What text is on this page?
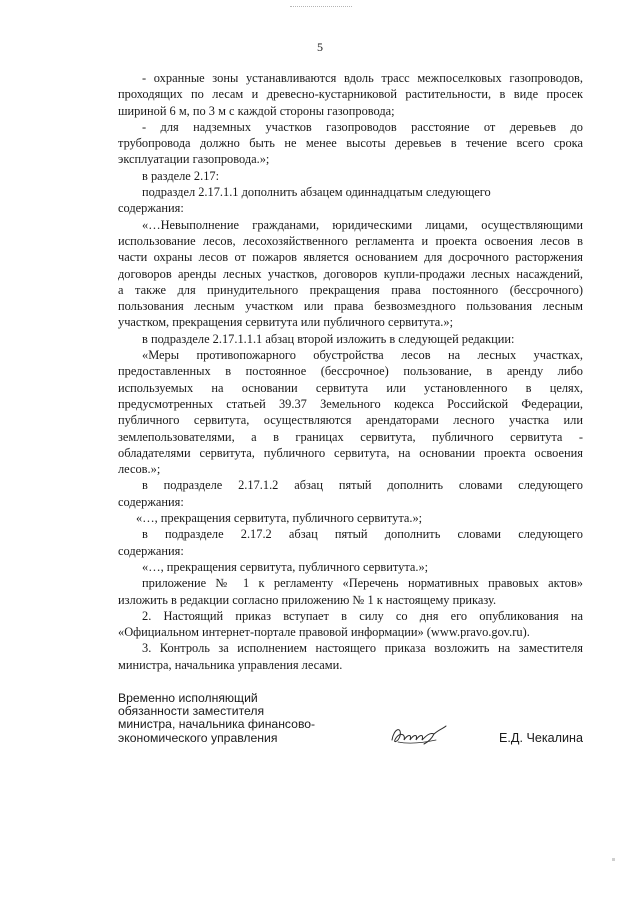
5

- охранные зоны устанавливаются вдоль трасс межпоселковых газопроводов,

проходящих по лесам и древесно-кустарниковой растительности, в виде просек

шириной 6 м, по 3 м с каждой стороны газопровода;

- для надземных участков газопроводов расстояние от деревьев до

трубопровода должно быть не менее высоты деревьев в течение всего срока

эксплуатации газопровода.»;

в разделе 2.17:

подраздел 2.17.1.1 дополнить абзацем одиннадцатым следующего

содержания:

«…Невыполнение гражданами, юридическими лицами, осуществляющими

использование лесов, лесохозяйственного регламента и проекта освоения лесов в

части охраны лесов от пожаров является основанием для досрочного расторжения

договоров аренды лесных участков, договоров купли-продажи лесных насаждений,

а также для принудительного прекращения права постоянного (бессрочного)

пользования лесным участком или права безвозмездного пользования лесным

участком, прекращения сервитута или публичного сервитута.»;

в подразделе 2.17.1.1.1 абзац второй изложить в следующей редакции:

«Меры противопожарного обустройства лесов на лесных участках,

предоставленных в постоянное (бессрочное) пользование, в аренду либо

используемых на основании сервитута или установленного в целях,

предусмотренных статьей 39.37 Земельного кодекса Российской Федерации,

публичного сервитута, осуществляются арендаторами лесного участка или

землепользователями, а в границах сервитута, публичного сервитута -

обладателями сервитута, публичного сервитута, на основании проекта освоения

лесов.»;

в подразделе 2.17.1.2 абзац пятый дополнить словами следующего

содержания:

«…, прекращения сервитута, публичного сервитута.»;

в подразделе 2.17.2 абзац пятый дополнить словами следующего

содержания:

«…, прекращения сервитута, публичного сервитута.»;

приложение № 1 к регламенту «Перечень нормативных правовых актов»

изложить в редакции согласно приложению № 1 к настоящему приказу.

2. Настоящий приказ вступает в силу со дня его опубликования на

«Официальном интернет-портале правовой информации» (www.pravo.gov.ru).

3. Контроль за исполнением настоящего приказа возложить на заместителя

министра, начальника управления лесами.

Временно исполняющий
обязанности заместителя
министра, начальника финансово-
экономического управления	Е.Д. Чекалина
